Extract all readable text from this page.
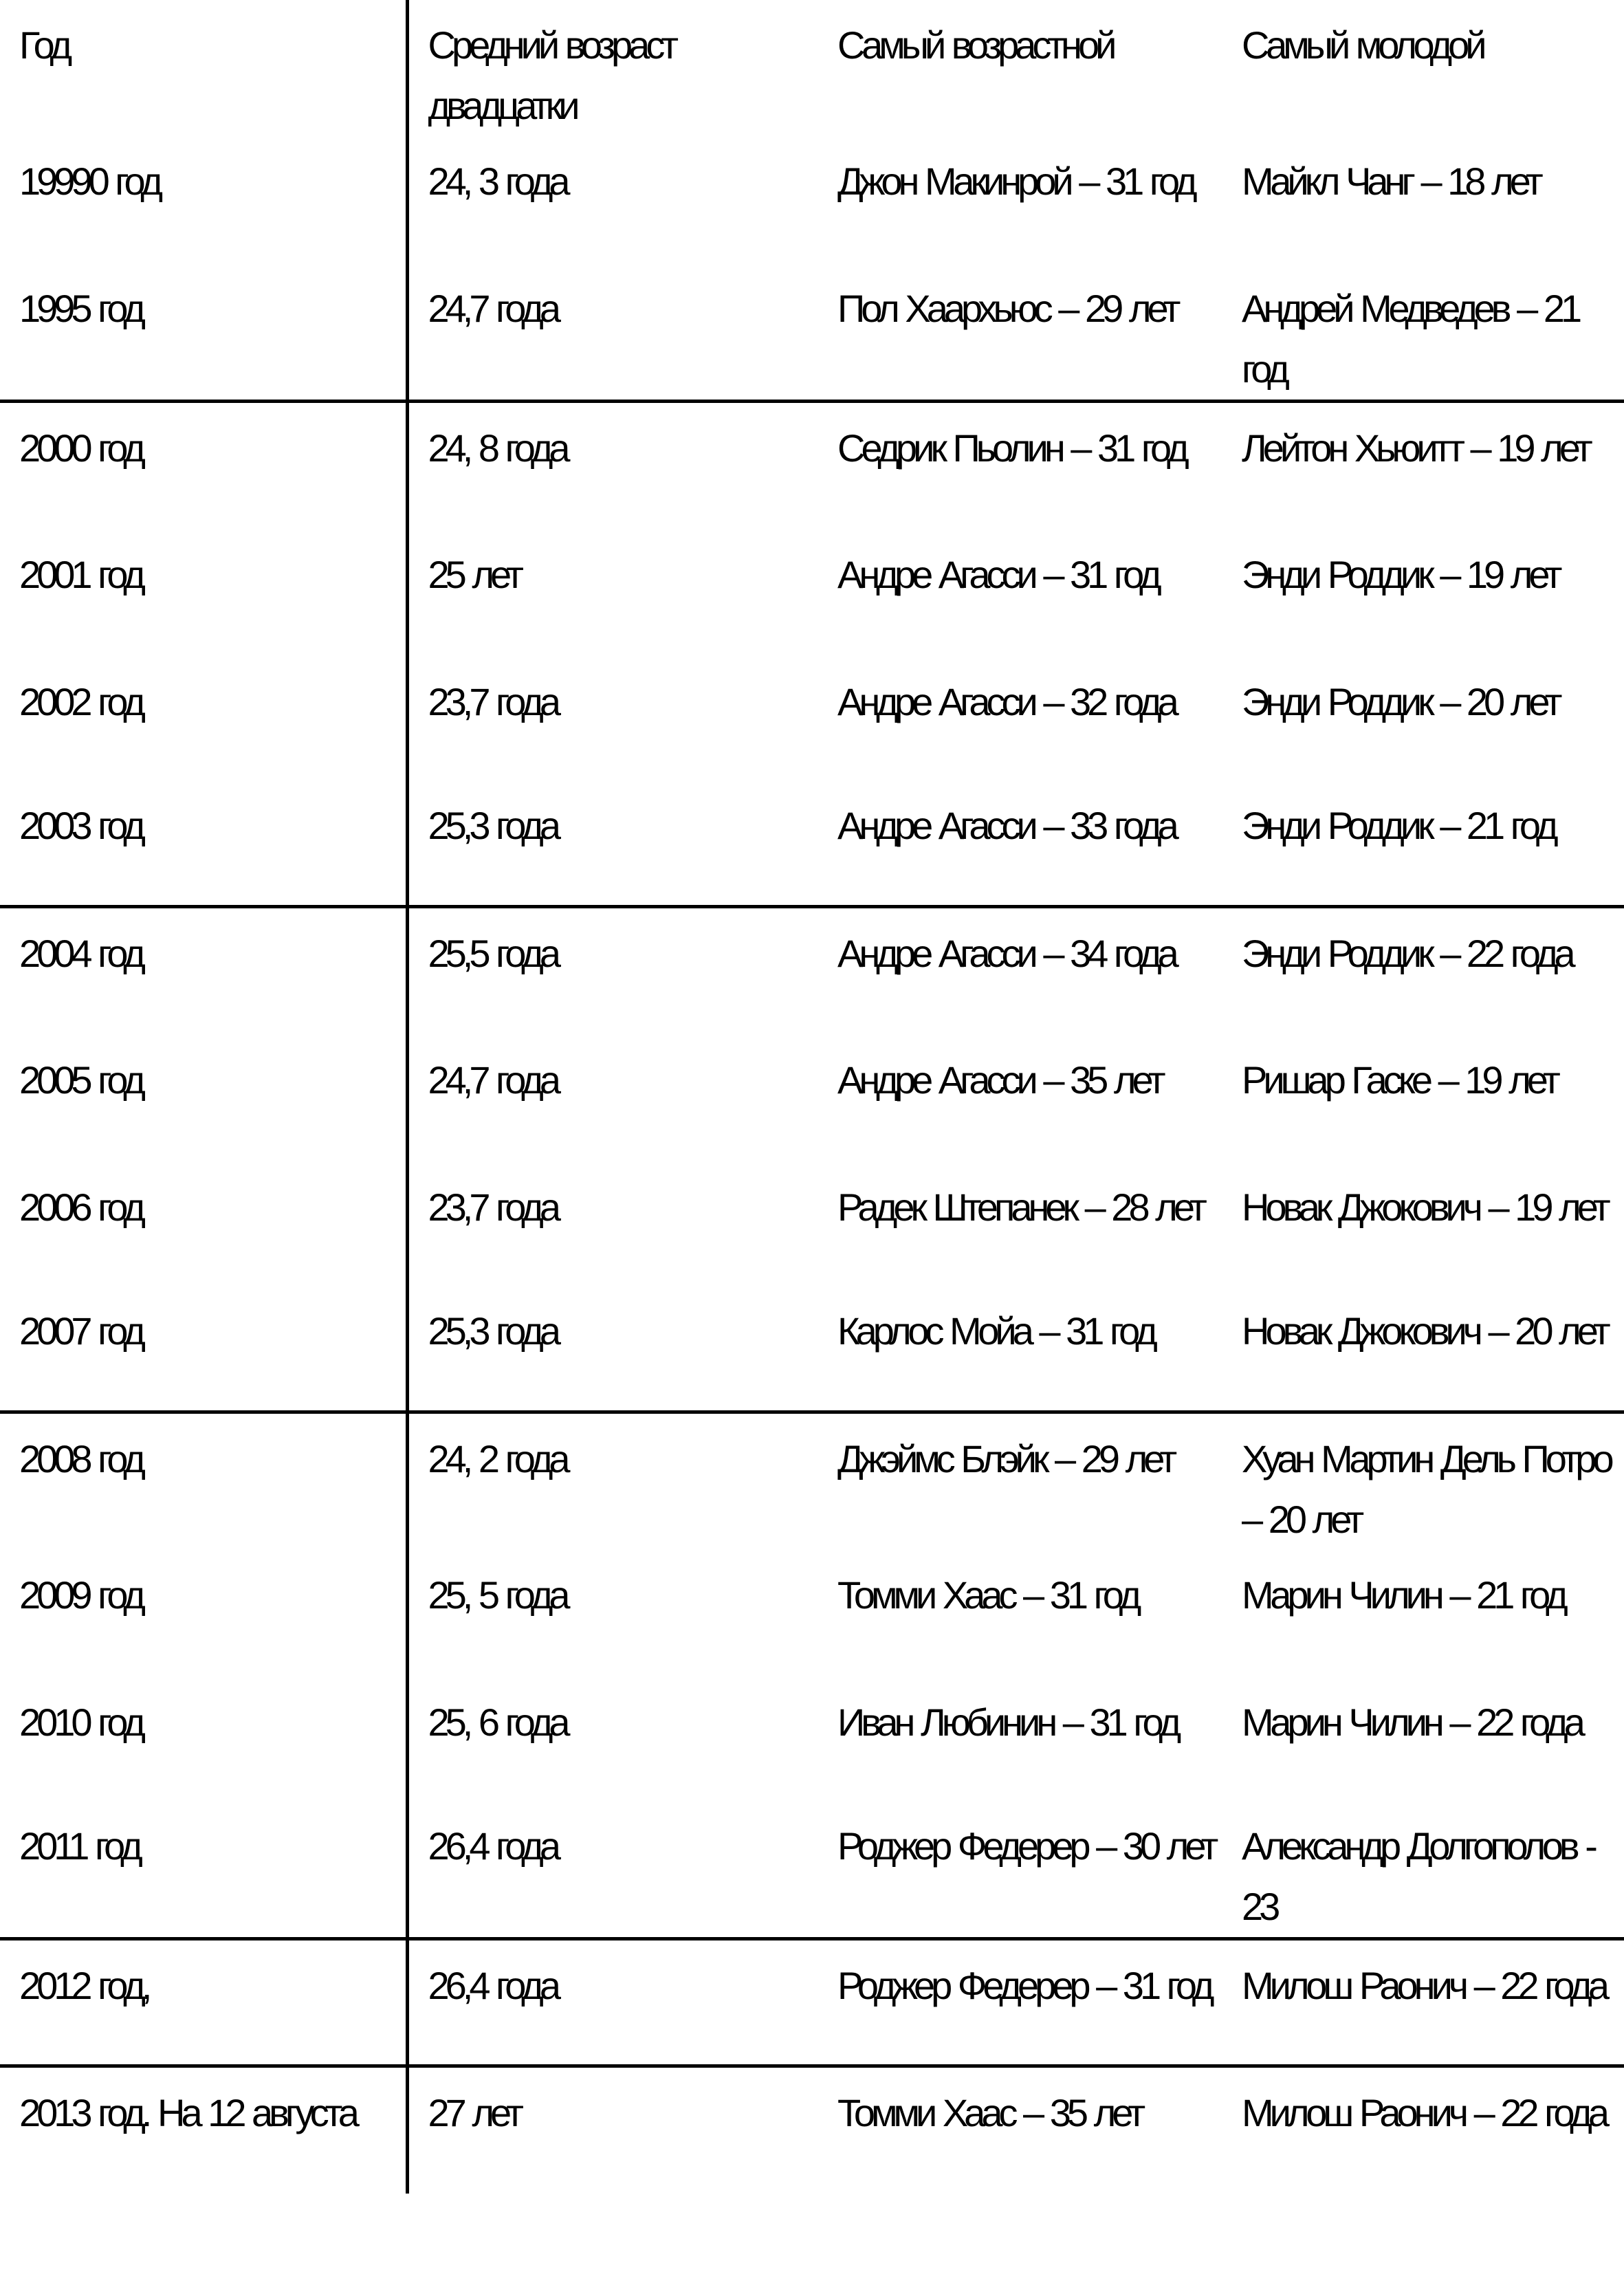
Год	Средний возраст двадцатки	Самый возрастной	Самый молодой
19990 год	24, 3 года	Джон Макинрой – 31 год	Майкл Чанг – 18 лет
1995 год	24,7 года	Пол Хаархьюс – 29 лет	Андрей Медведев – 21 год
2000 год	24, 8 года	Седрик Пьолин – 31 год	Лейтон Хьюитт – 19 лет
2001 год	25 лет	Андре Агасси – 31 год	Энди Роддик – 19 лет
2002 год	23,7 года	Андре Агасси – 32 года	Энди Роддик – 20 лет
2003 год	25,3 года	Андре Агасси – 33 года	Энди Роддик – 21 год
2004 год	25,5 года	Андре Агасси – 34 года	Энди Роддик – 22 года
2005 год	24,7 года	Андре Агасси – 35 лет	Ришар Гаске – 19 лет
2006 год	23,7 года	Радек Штепанек – 28 лет	Новак Джокович – 19 лет
2007 год	25,3 года	Карлос Мойа – 31 год	Новак Джокович – 20 лет
2008 год	24, 2 года	Джэймс Блэйк – 29 лет	Хуан Мартин Дель Потро – 20 лет
2009 год	25, 5 года	Томми Хаас – 31 год	Марин Чилин – 21 год
2010 год	25, 6 года	Иван Любинин – 31 год	Марин Чилин – 22 года
2011 год	26,4 года	Роджер Федерер – 30 лет	Александр Долгополов - 23
2012 год,	26,4 года	Роджер Федерер – 31 год	Милош Раонич – 22 года
2013 год. На 12 августа	27 лет	Томми Хаас – 35 лет	Милош Раонич – 22 года
